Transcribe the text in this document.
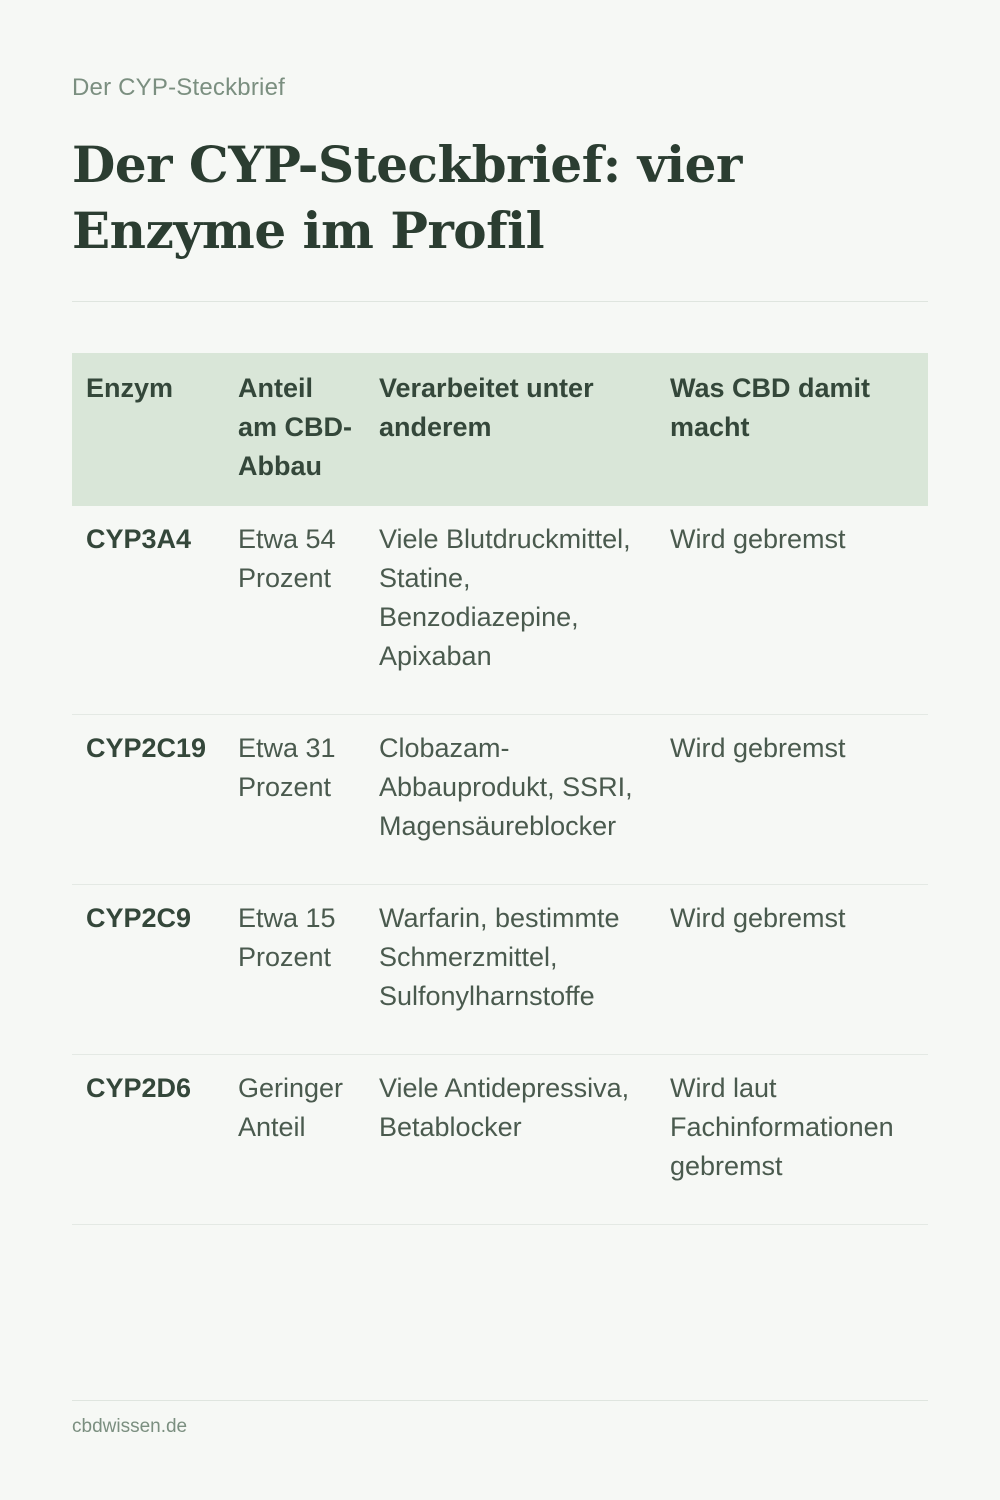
Der CYP-Steckbrief
Der CYP-Steckbrief: vier Enzyme im Profil
Enzym	Anteil am CBD-Abbau	Verarbeitet unter anderem	Was CBD damit macht
CYP3A4	Etwa 54 Prozent	Viele Blutdruckmittel, Statine, Benzodiazepine, Apixaban	Wird gebremst
CYP2C19	Etwa 31 Prozent	Clobazam-Abbauprodukt, SSRI, Magensäureblocker	Wird gebremst
CYP2C9	Etwa 15 Prozent	Warfarin, bestimmte Schmerzmittel, Sulfonylharnstoffe	Wird gebremst
CYP2D6	Geringer Anteil	Viele Antidepressiva, Betablocker	Wird laut Fachinformationen gebremst
cbdwissen.de
